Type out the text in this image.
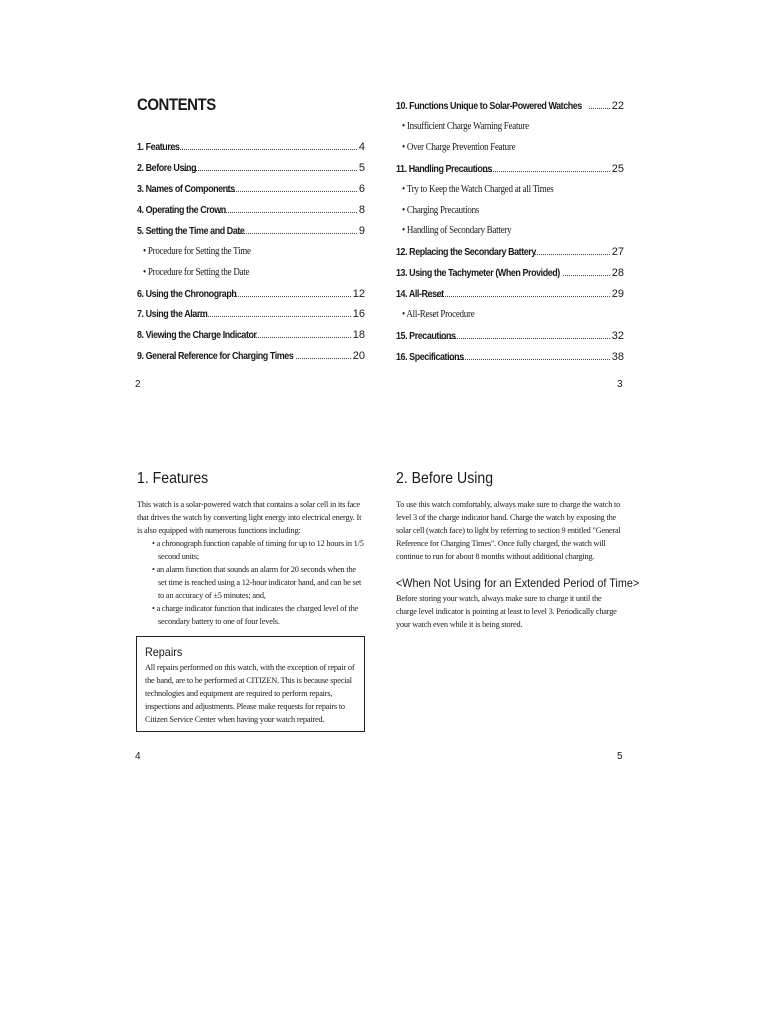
CONTENTS
1. Features	4
2. Before Using	5
3. Names of Components	6
4. Operating the Crown	8
5. Setting the Time and Date	9
• Procedure for Setting the Time
• Procedure for Setting the Date
6. Using the Chronograph	12
7. Using the Alarm	16
8. Viewing the Charge Indicator	18
9. General Reference for Charging Times	20
2
10. Functions Unique to Solar-Powered Watches	22
• Insufficient Charge Warning Feature
• Over Charge Prevention Feature
11. Handling Precautions	25
• Try to Keep the Watch Charged at all Times
• Charging Precautions
• Handling of Secondary Battery
12. Replacing the Secondary Battery	27
13. Using the Tachymeter (When Provided)	28
14. All-Reset	29
• All-Reset Procedure
15. Precautions	32
16. Specifications	38
3
1. Features
This watch is a solar-powered watch that contains a solar cell in its face that drives the watch by converting light energy into electrical energy. It is also equipped with numerous functions including:
• a chronograph function capable of timing for up to 12 hours in 1/5 second units;
• an alarm function that sounds an alarm for 20 seconds when the set time is reached using a 12-hour indicator hand, and can be set to an accuracy of ±5 minutes; and,
• a charge indicator function that indicates the charged level of the secondary battery to one of four levels.
Repairs
All repairs performed on this watch, with the exception of repair of the band, are to be performed at CITIZEN. This is because special technologies and equipment are required to perform repairs, inspections and adjustments. Please make requests for repairs to Citizen Service Center when having your watch repaired.
4
2. Before Using
To use this watch comfortably, always make sure to charge the watch to level 3 of the charge indicator hand. Charge the watch by exposing the solar cell (watch face) to light by referring to section 9 entitled "General Reference for Charging Times". Once fully charged, the watch will continue to run for about 8 months without additional charging.
<When Not Using for an Extended Period of Time>
Before storing your watch, always make sure to charge it until the charge level indicator is pointing at least to level 3. Periodically charge your watch even while it is being stored.
5
